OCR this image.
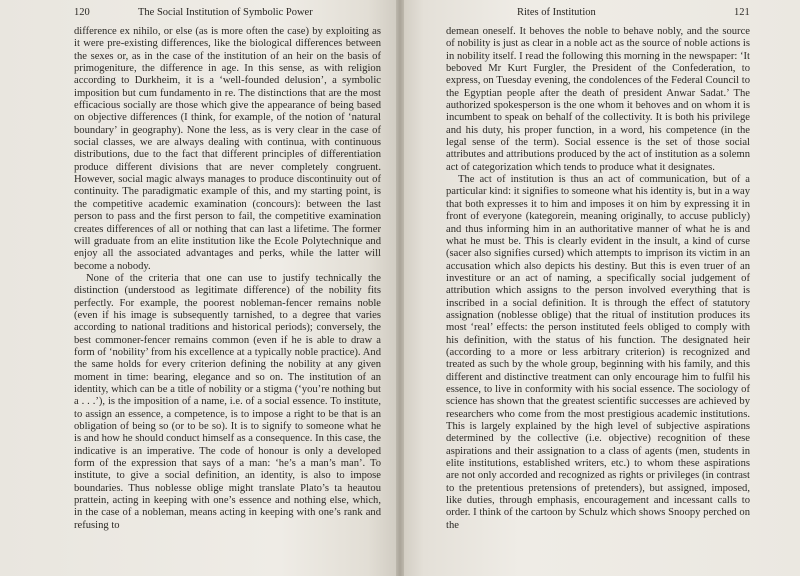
120	The Social Institution of Symbolic Power

difference ex nihilo, or else (as is more often the case) by exploiting as it were pre-existing differences, like the biological differences between the sexes or, as in the case of the institution of an heir on the basis of primogeniture, the difference in age. In this sense, as with religion according to Durkheim, it is a ‘well-founded delusion’, a symbolic imposition but cum fundamento in re. The distinctions that are the most efficacious socially are those which give the appearance of being based on objective differences (I think, for example, of the notion of ‘natural boundary’ in geography). None the less, as is very clear in the case of social classes, we are always dealing with continua, with continuous distributions, due to the fact that different principles of differentiation produce different divisions that are never completely congruent. However, social magic always manages to produce discontinuity out of continuity. The paradigmatic example of this, and my starting point, is the competitive academic examination (concours): between the last person to pass and the first person to fail, the competitive examination creates differences of all or nothing that can last a lifetime. The former will graduate from an elite institution like the Ecole Polytechnique and enjoy all the associated advantages and perks, while the latter will become a nobody.

None of the criteria that one can use to justify technically the distinction (understood as legitimate difference) of the nobility fits perfectly. For example, the poorest nobleman-fencer remains noble (even if his image is subsequently tarnished, to a degree that varies according to national traditions and historical periods); conversely, the best commoner-fencer remains common (even if he is able to draw a form of ‘nobility’ from his excellence at a typically noble practice). And the same holds for every criterion defining the nobility at any given moment in time: bearing, elegance and so on. The institution of an identity, which can be a title of nobility or a stigma (‘you’re nothing but a . . .’), is the imposition of a name, i.e. of a social essence. To institute, to assign an essence, a competence, is to impose a right to be that is an obligation of being so (or to be so). It is to signify to someone what he is and how he should conduct himself as a consequence. In this case, the indicative is an imperative. The code of honour is only a developed form of the expression that says of a man: ‘he’s a man’s man’. To institute, to give a social definition, an identity, is also to impose boundaries. Thus noblesse oblige might translate Plato’s ta heautou prattein, acting in keeping with one’s essence and nothing else, which, in the case of a nobleman, means acting in keeping with one’s rank and refusing to

Rites of Institution	121

demean oneself. It behoves the noble to behave nobly, and the source of nobility is just as clear in a noble act as the source of noble actions is in nobility itself. I read the following this morning in the newspaper: ‘It beboved Mr Kurt Furgler, the President of the Confederation, to express, on Tuesday evening, the condolences of the Federal Council to the Egyptian people after the death of president Anwar Sadat.’ The authorized spokesperson is the one whom it behoves and on whom it is incumbent to speak on behalf of the collectivity. It is both his privilege and his duty, his proper function, in a word, his competence (in the legal sense of the term). Social essence is the set of those social attributes and attributions produced by the act of institution as a solemn act of categorization which tends to produce what it designates.

The act of institution is thus an act of communication, but of a particular kind: it signifies to someone what his identity is, but in a way that both expresses it to him and imposes it on him by expressing it in front of everyone (kategorein, meaning originally, to accuse publicly) and thus informing him in an authoritative manner of what he is and what he must be. This is clearly evident in the insult, a kind of curse (sacer also signifies cursed) which attempts to imprison its victim in an accusation which also depicts his destiny. But this is even truer of an investiture or an act of naming, a specifically social judgement of attribution which assigns to the person involved everything that is inscribed in a social definition. It is through the effect of statutory assignation (noblesse oblige) that the ritual of institution produces its most ‘real’ effects: the person instituted feels obliged to comply with his definition, with the status of his function. The designated heir (according to a more or less arbitrary criterion) is recognized and treated as such by the whole group, beginning with his family, and this different and distinctive treatment can only encourage him to fulfil his essence, to live in conformity with his social essence. The sociology of science has shown that the greatest scientific successes are achieved by researchers who come from the most prestigious academic institutions. This is largely explained by the high level of subjective aspirations determined by the collective (i.e. objective) recognition of these aspirations and their assignation to a class of agents (men, students in elite institutions, established writers, etc.) to whom these aspirations are not only accorded and recognized as rights or privileges (in contrast to the pretentious pretensions of pretenders), but assigned, imposed, like duties, through emphasis, encouragement and incessant calls to order. I think of the cartoon by Schulz which shows Snoopy perched on the
